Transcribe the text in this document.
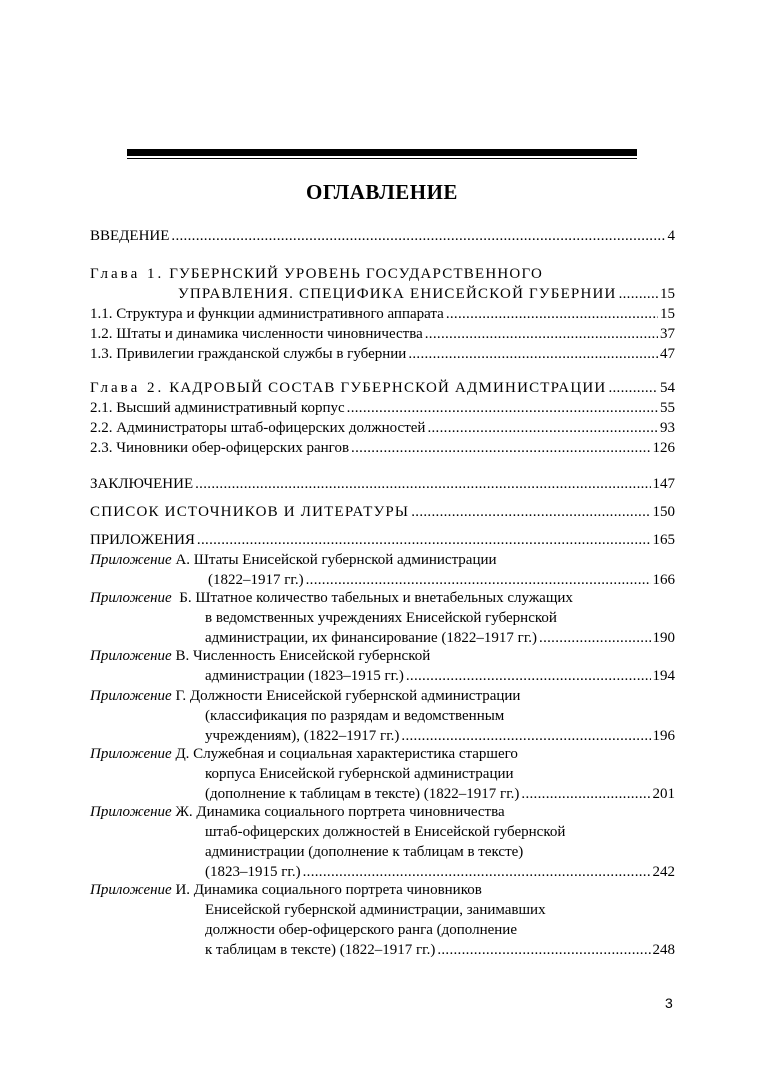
ОГЛАВЛЕНИЕ
ВВЕДЕНИЕ .....	4
Глава 1. ГУБЕРНСКИЙ УРОВЕНЬ ГОСУДАРСТВЕННОГО
УПРАВЛЕНИЯ. СПЕЦИФИКА ЕНИСЕЙСКОЙ ГУБЕРНИИ .....	15
1.1. Структура и функции административного аппарата .....	15
1.2. Штаты и динамика численности чиновничества .....	37
1.3. Привилегии гражданской службы в губернии .....	47
Глава 2. КАДРОВЫЙ СОСТАВ ГУБЕРНСКОЙ АДМИНИСТРАЦИИ .....	54
2.1. Высший административный корпус .....	55
2.2. Администраторы штаб-офицерских должностей .....	93
2.3. Чиновники обер-офицерских рангов .....	126
ЗАКЛЮЧЕНИЕ .....	147
СПИСОК ИСТОЧНИКОВ И ЛИТЕРАТУРЫ .....	150
ПРИЛОЖЕНИЯ .....	165
Приложение А. Штаты Енисейской губернской администрации
(1822–1917 гг.) .....	166
Приложение Б. Штатное количество табельных и внетабельных служащих
в ведомственных учреждениях Енисейской губернской
администрации, их финансирование (1822–1917 гг.) .....	190
Приложение В. Численность Енисейской губернской
администрации (1823–1915 гг.) .....	194
Приложение Г. Должности Енисейской губернской администрации
(классификация по разрядам и ведомственным
учреждениям), (1822–1917 гг.) .....	196
Приложение Д. Служебная и социальная характеристика старшего
корпуса Енисейской губернской администрации
(дополнение к таблицам в тексте) (1822–1917 гг.) .....	201
Приложение Ж. Динамика социального портрета чиновничества
штаб-офицерских должностей в Енисейской губернской
администрации (дополнение к таблицам в тексте)
(1823–1915 гг.) .....	242
Приложение И. Динамика социального портрета чиновников
Енисейской губернской администрации, занимавших
должности обер-офицерского ранга (дополнение
к таблицам в тексте) (1822–1917 гг.) .....	248
3
